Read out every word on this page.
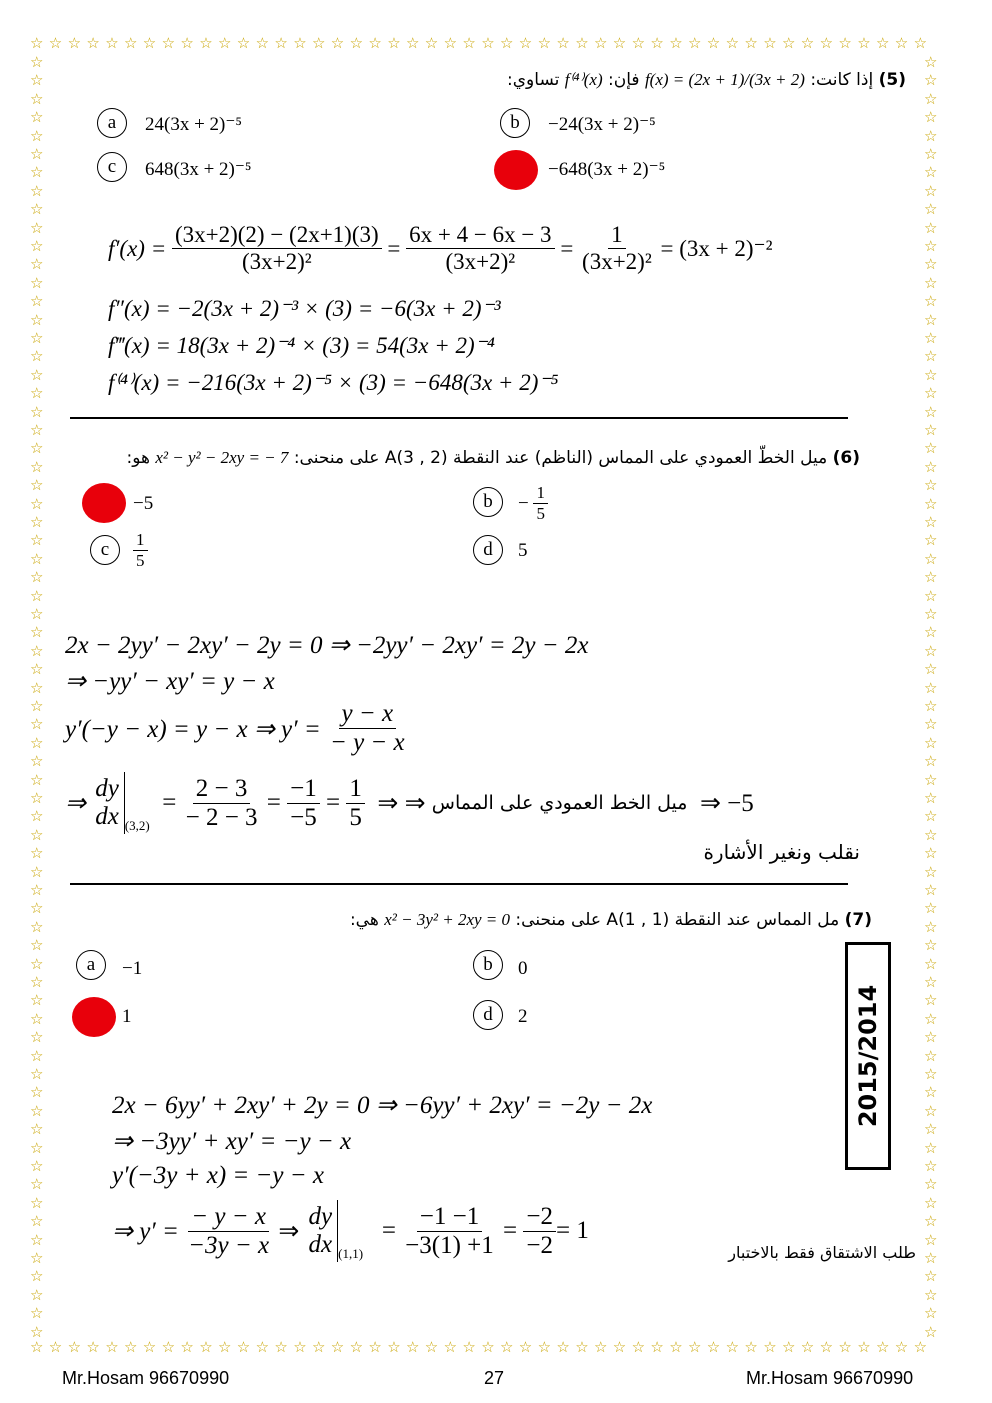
☆
☆
☆
☆
☆
☆
☆
☆
☆
☆
☆
☆
☆
☆
☆
☆
☆
☆
☆
☆
☆
☆
☆
☆
☆
☆
☆
☆
☆
☆
☆
☆
☆
☆
☆
☆
☆
☆
☆
☆
☆
☆
☆
☆
☆
☆
☆
☆
☆
☆
☆
☆
☆
☆
☆
☆
☆
☆
☆
☆
☆
☆
☆
☆
☆
☆
☆
☆
☆
☆
☆
☆
☆
☆
☆
☆
☆
☆
☆
☆
☆
☆
☆
☆
☆
☆
☆
☆
☆
☆
☆
☆
☆
☆
☆
☆
☆	☆
☆	☆
☆	☆
☆	☆
☆	☆
☆	☆
☆	☆
☆	☆
☆	☆
☆	☆
☆	☆
☆	☆
☆	☆
☆	☆
☆	☆
☆	☆
☆	☆
☆	☆
☆	☆
☆	☆
☆	☆
☆	☆
☆	☆
☆	☆
☆	☆
☆	☆
☆	☆
☆	☆
☆	☆
☆	☆
☆	☆
☆	☆
☆	☆
☆	☆
☆	☆
☆	☆
☆	☆
☆	☆
☆	☆
☆	☆
☆	☆
☆	☆
☆	☆
☆	☆
☆	☆
☆	☆
☆	☆
☆	☆
☆	☆
☆	☆
☆	☆
☆	☆
☆	☆
☆	☆
☆	☆
☆	☆
☆	☆
☆	☆
☆	☆
☆	☆
☆	☆
☆	☆
☆	☆
☆	☆
☆	☆
☆	☆
☆	☆
☆	☆
☆	☆
☆	☆
(5) إذا كانت: f(x) = (2x + 1)/(3x + 2) فإن: f⁽⁴⁾(x) تساوي:
a 24(3x + 2)⁻⁵	b −24(3x + 2)⁻⁵
c 648(3x + 2)⁻⁵	−648(3x + 2)⁻⁵
f′(x) =
$\frac{(3x+2)(2) - (2x+1)(3)}{\text{(3x+2)²}}$
=
$\frac{6x + 4 - 6x - 3}{\text{(3x+2)²}}$
=
$\frac{1}{\text{(3x+2)²}}$
= (3x + 2)⁻²
f″(x) = −2(3x + 2)⁻³ × (3) = −6(3x + 2)⁻³
f‴(x) = 18(3x + 2)⁻⁴ × (3) = 54(3x + 2)⁻⁴
f⁽⁴⁾(x) = −216(3x + 2)⁻⁵ × (3) = −648(3x + 2)⁻⁵
(6) ميل الخطّ العمودي على المماس (الناظم) عند النقطة (2 , 3)A على منحنى: x² − y² − 2xy = − 7 هو:
−5	b −
$\frac{1}{5}$
c $\frac{1}{5}$	d 5
2x − 2yy′ − 2xy′ − 2y = 0 ⇒ −2yy′ − 2xy′ = 2y − 2x
⇒ −yy′ − xy′ = y − x
y′(−y − x) = y − x ⇒ y′ =
$\frac{y - x}{- y - x}$
⇒

dy
dx (3,2)

=
$\frac{2 - 3}{- 2 - 3}$
=
$\frac{-1}{-5}$
=
$\frac{1}{5}$
⇒ ⇒
ميل الخط العمودي على المماس
⇒ −5
نقلب ونغير الأشارة
(7) مل المماس عند النقطة (1 , 1)A على منحنى: x² − 3y² + 2xy = 0 هي:
a −1	b 0
1	d 2	2015/2014
2x − 6yy′ + 2xy′ + 2y = 0 ⇒ −6yy′ + 2xy′ = −2y − 2x
⇒ −3yy′ + xy′ = −y − x
y′(−3y + x) = −y − x
⇒ y′ =
$\frac{- y - x}{-3y - x}$
⇒

dy
dx (1,1)

=
$\frac{-1 -1}{-3(1) +1}$
=
$\frac{-2}{-2} = 1$
طلب الاشتقاق فقط بالاختبار
Mr.Hosam 96670990	27	Mr.Hosam 96670990
